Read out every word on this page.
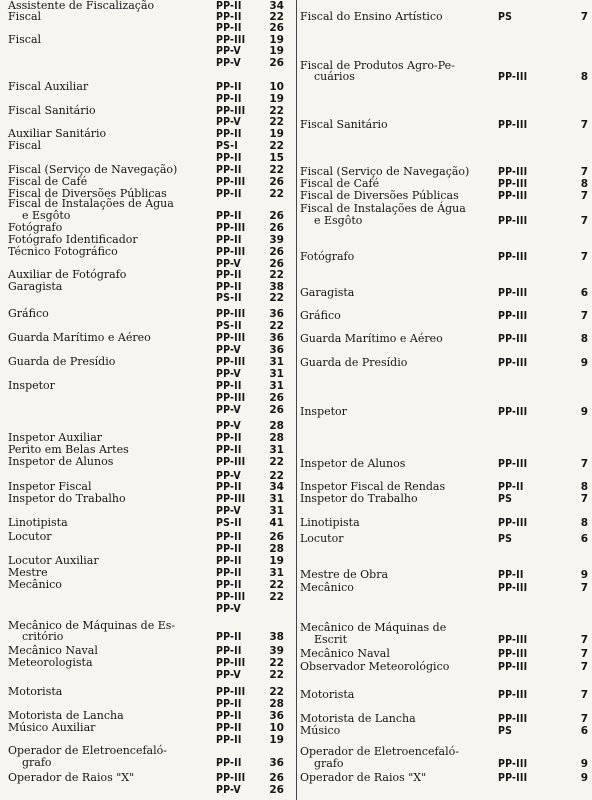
Assistente de Fiscalização	PP-II	34
Fiscal	PP-II	22
PP-II	26
Fiscal	PP-III 19
PP-V	19
PP-V	26
Fiscal Auxiliar	PP-II	10
PP-II	19
Fiscal Sanitário	PP-III 22
PP-V	22
Auxiliar Sanitário	PP-II	19
Fiscal	PS-I	22
PP-II	15
Fiscal (Serviço de Navegação)	PP-II	22
Fiscal de Café	PP-III 26
Fiscal de Diversões Públicas	PP-II	22
Fiscal de Instalações de Água
e Esgôto	PP-II	26
Fotógrafo	PP-III 26
Fotógrafo Identificador	PP-II	39
Técnico Fotográfico	PP-III 26
PP-V	26
Auxiliar de Fotógrafo	PP-II	22
Garagista	PP-II	38
PS-II	22
Gráfico	PP-III 36
PS-II	22
Guarda Marítimo e Aéreo	PP-III 36
PP-V	36
Guarda de Presídio	PP-III 31
PP-V	31
Inspetor	PP-II	31
PP-III 26
PP-V	26
PP-V	28
Inspetor Auxiliar	PP-II	28
Perito em Belas Artes	PP-II	31
Inspetor de Alunos	PP-III 22
PP-V	22
Inspetor Fiscal	PP-II	34
Inspetor do Trabalho	PP-III 31
PP-V	31
Linotipista	PS-II	41
Locutor	PP-II	26
PP-II	28
Locutor Auxiliar	PP-II	19
Mestre	PP-II	31
Mecânico	PP-II	22
PP-III 22
PP-V
Mecânico de Máquinas de Es-
critório	PP-II	38
Mecânico Naval	PP-II	39
Meteorologista	PP-III 22
PP-V	22
Motorista	PP-III 22
PP-II	28
Motorista de Lancha	PP-II	36
Músico Auxiliar	PP-II	10
PP-II	19
Operador de Eletroencefaló-
grafo	PP-II	36
Operador de Raios "X"	PP-III 26
PP-V	26
Fiscal do Ensino Artístico	PS	7
Fiscal de Produtos Agro-Pe-
cuários	PP-III	8
Fiscal Sanitário	PP-III	7
Fiscal (Serviço de Navegação)	PP-III	7
Fiscal de Café	PP-III	8
Fiscal de Diversões Públicas	PP-III	7
Fiscal de Instalações de Água
e Esgôto	PP-III	7
Fotógrafo	PP-III	7
Garagista	PP-III	6
Gráfico	PP-III	7
Guarda Marítimo e Aéreo	PP-III	8
Guarda de Presídio	PP-III	9
Inspetor	PP-III	9
Inspetor de Alunos	PP-III	7
Inspetor Fiscal de Rendas	PP-II	8
Inspetor do Trabalho	PS	7
Linotipista	PP-III	8
Locutor	PS	6
Mestre de Obra	PP-II	9
Mecânico	PP-III	7
Mecânico de Máquinas de
Escrit	PP-III	7
Mecânico Naval	PP-III	7
Observador Meteorológico	PP-III	7
Motorista	PP-III	7
Motorista de Lancha	PP-III	7
Músico	PS	6
Operador de Eletroencefaló-
grafo	PP-III	9
Operador de Raios "X"	PP-III	9
